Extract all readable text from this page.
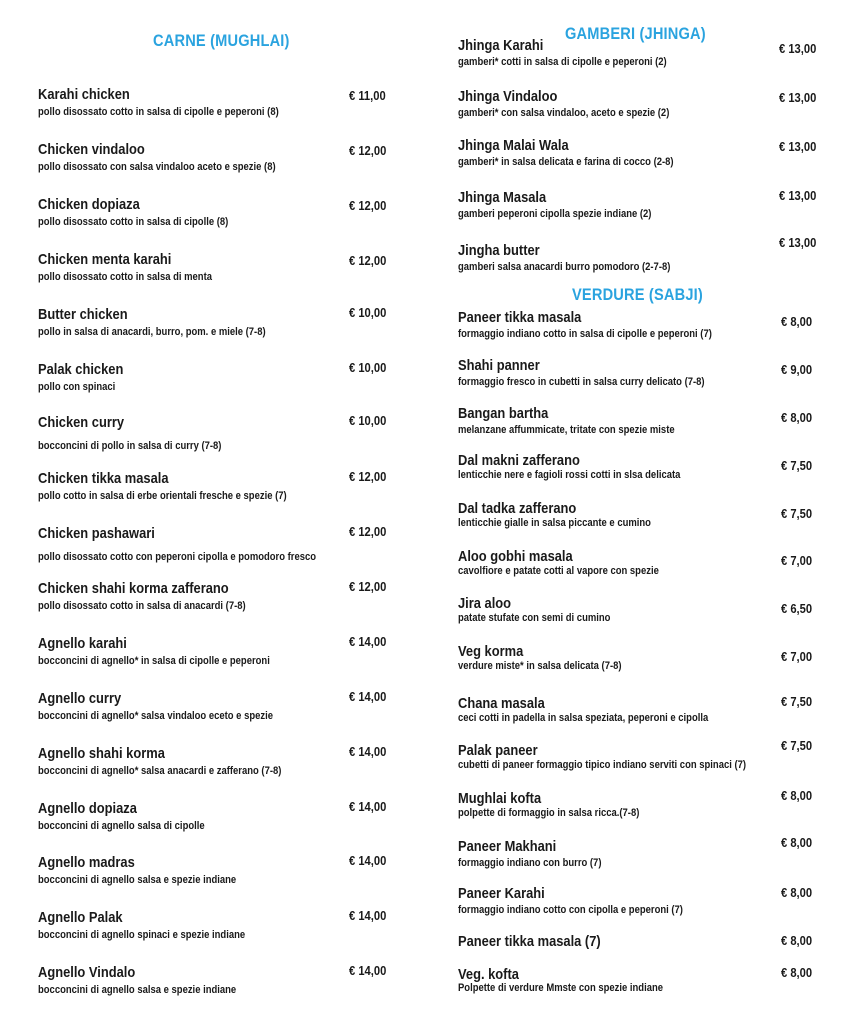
CARNE (MUGHLAI)	GAMBERI (JHINGA)
VERDURE (SABJI)
Karahi chicken
pollo disossato cotto in salsa di cipolle e peperoni (8)
€ 11,00
Chicken vindaloo
pollo disossato con salsa vindaloo aceto e spezie (8)
€ 12,00
Chicken dopiaza
pollo disossato cotto in salsa di cipolle (8)
€ 12,00
Chicken menta karahi
pollo disossato cotto in salsa di menta
€ 12,00
Butter chicken
pollo in salsa di anacardi, burro, pom. e miele (7-8)
€ 10,00
Palak chicken
pollo con spinaci
€ 10,00
Chicken curry
bocconcini di pollo in salsa di curry (7-8)
€ 10,00
Chicken tikka masala
pollo cotto in salsa di erbe orientali fresche e spezie (7)
€ 12,00
Chicken pashawari
pollo disossato cotto con peperoni cipolla e pomodoro fresco
€ 12,00
Chicken shahi korma zafferano
pollo disossato cotto in salsa di anacardi (7-8)
€ 12,00
Agnello karahi
bocconcini di agnello* in salsa di cipolle e peperoni
€ 14,00
Agnello curry
bocconcini di agnello* salsa vindaloo eceto e spezie
€ 14,00
Agnello shahi korma
bocconcini di agnello* salsa anacardi e zafferano (7-8)
€ 14,00
Agnello dopiaza
bocconcini di agnello salsa di cipolle
€ 14,00
Agnello madras
bocconcini di agnello salsa e spezie indiane
€ 14,00
Agnello Palak
bocconcini di agnello spinaci e spezie indiane
€ 14,00
Agnello Vindalo
bocconcini di agnello salsa e spezie indiane
€ 14,00
Jhinga Karahi
gamberi* cotti in salsa di cipolle e peperoni (2)
€ 13,00
Jhinga Vindaloo
gamberi* con salsa vindaloo, aceto e spezie (2)
€ 13,00
Jhinga Malai Wala
gamberi* in salsa delicata e farina di cocco (2-8)
€ 13,00
Jhinga Masala
gamberi peperoni cipolla spezie indiane (2)
€ 13,00
Jingha butter
gamberi salsa anacardi burro pomodoro (2-7-8)
€ 13,00
Paneer tikka masala
formaggio indiano cotto in salsa di cipolle e peperoni (7)
€ 8,00
Shahi panner
formaggio fresco in cubetti in salsa curry delicato (7-8)
€ 9,00
Bangan bartha
melanzane affummicate, tritate con spezie miste
€ 8,00
Dal makni zafferano
lenticchie nere e fagioli rossi cotti in slsa delicata
€ 7,50
Dal tadka zafferano
lenticchie gialle in salsa piccante e cumino
€ 7,50
Aloo gobhi masala
cavolfiore e patate cotti al vapore con spezie
€ 7,00
Jira aloo
patate stufate con semi di cumino
€ 6,50
Veg korma
verdure miste* in salsa delicata (7-8)
€ 7,00
Chana masala
ceci cotti in padella in salsa speziata, peperoni e cipolla
€ 7,50
Palak paneer
cubetti di paneer formaggio tipico indiano serviti con spinaci (7)
€ 7,50
Mughlai kofta
polpette di formaggio in salsa ricca.(7-8)
€ 8,00
Paneer Makhani
formaggio indiano con burro (7)
€ 8,00
Paneer Karahi
formaggio indiano cotto con cipolla e peperoni (7)
€ 8,00
Paneer tikka masala (7)	€ 8,00
Veg. kofta
Polpette di verdure Mmste con spezie indiane
€ 8,00
